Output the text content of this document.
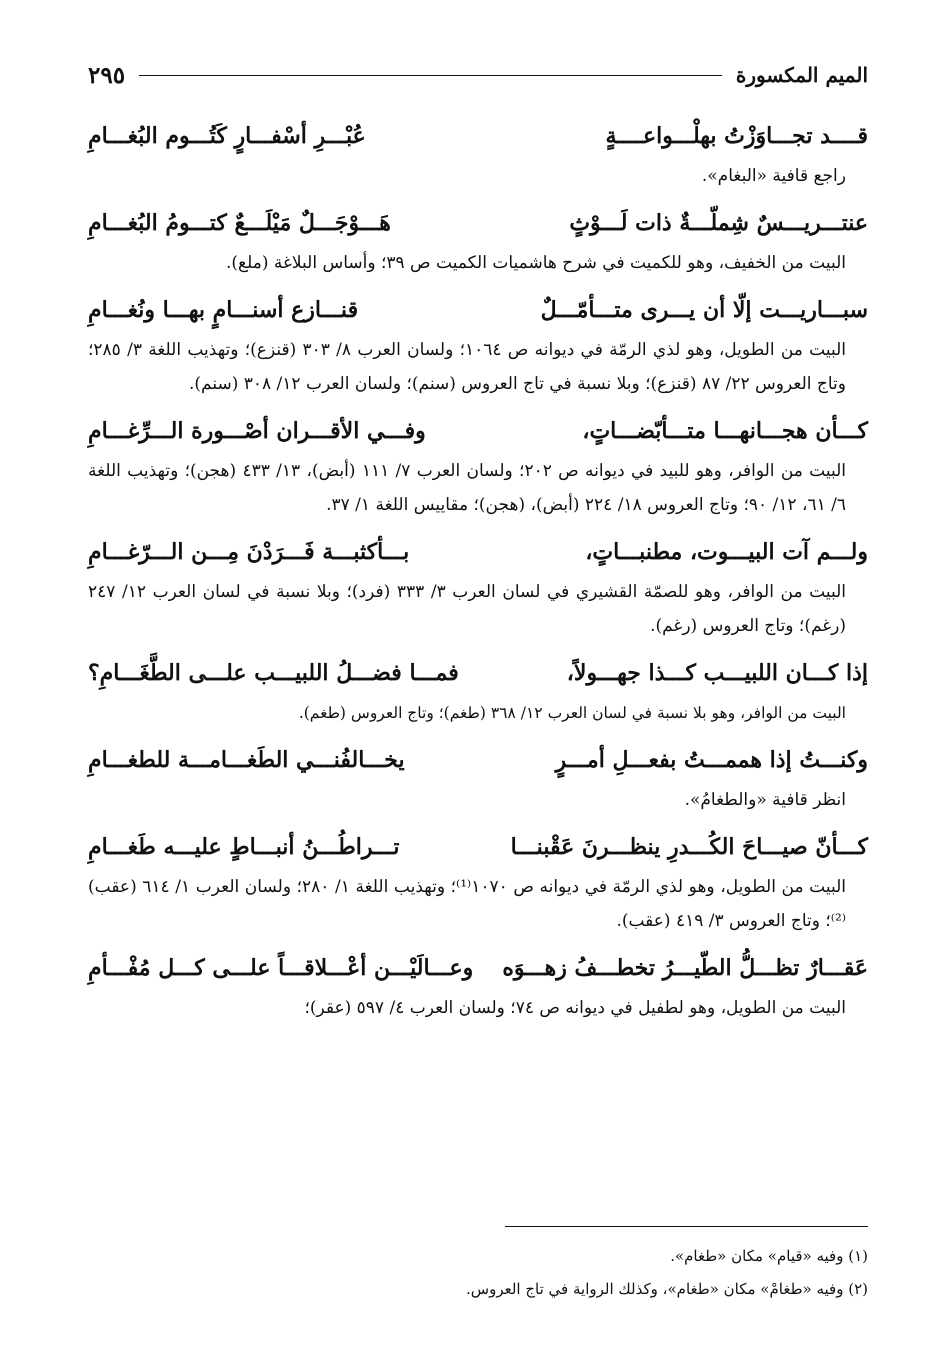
الميم المكسورة
٢٩٥
قــــد تجـــاوَزْتُ بهلْـــواعــــةٍ
عُبْـــرِ أسْفـــارٍ كَتُـــوم البُغـــامِ
راجع قافية «البغام».
عنتـــريـــسٌ شِملّـــةٌ ذات لَـــوْثٍ
هَـــوْجَـــلٌ مَيْلَـــعٌ كتـــومُ البُغـــامِ
البيت من الخفيف، وهو للكميت في شرح هاشميات الكميت ص ٣٩؛ وأساس البلاغة (ملع).
سبـــاريـــت إلّا أن يـــرى متـــأمّـــلٌ
قنـــازع أسنـــامٍ بهـــا ونُغـــامِ
البيت من الطويل، وهو لذي الرمّة في ديوانه ص ١٠٦٤؛ ولسان العرب ٨/ ٣٠٣ (قنزع)؛ وتهذيب اللغة ٣/ ٢٨٥؛ وتاج العروس ٢٢/ ٨٧ (قنزع)؛ وبلا نسبة في تاج العروس (سنم)؛ ولسان العرب ١٢/ ٣٠٨ (سنم).
كـــأن هجـــانهـــا متـــأبّضـــاتٍ،
وفـــي الأقـــران أصْـــورة الـــرِّغـــامِ
البيت من الوافر، وهو للبيد في ديوانه ص ٢٠٢؛ ولسان العرب ٧/ ١١١ (أبض)، ١٣/ ٤٣٣ (هجن)؛ وتهذيب اللغة ٦/ ٦١، ١٢/ ٩٠؛ وتاج العروس ١٨/ ٢٢٤ (أبض)، (هجن)؛ مقاييس اللغة ١/ ٣٧.
ولـــم آت البيـــوت، مطنبـــاتٍ،
بـــأكثبـــة فَـــرَدْنَ مِـــن الـــرّغـــامِ
البيت من الوافر، وهو للصمّة القشيري في لسان العرب ٣/ ٣٣٣ (فرد)؛ وبلا نسبة في لسان العرب ١٢/ ٢٤٧ (رغم)؛ وتاج العروس (رغم).
إذا كـــان اللبيـــب كـــذا جهـــولاً،
فمـــا فضـــلُ اللبيـــب علـــى الطَّغَـــامِ؟
البيت من الوافر، وهو بلا نسبة في لسان العرب ١٢/ ٣٦٨ (طغم)؛ وتاج العروس (طغم).
وكنـــتُ إذا هممـــتُ بفعـــلِ أمـــرٍ
يخـــالفُنـــي الطَغـــامـــة للطغـــامِ
انظر قافية «والطغامُ».
كـــأنّ صيـــاحَ الكُـــدرِ ينظـــرنَ عَقْبنـــا
تـــراطُـــنُ أنبـــاطٍ عليـــه طَغـــامِ
البيت من الطويل، وهو لذي الرمّة في ديوانه ص ١٠٧٠⁽¹⁾؛ وتهذيب اللغة ١/ ٢٨٠؛ ولسان العرب ١/ ٦١٤ (عقب)⁽²⁾؛ وتاج العروس ٣/ ٤١٩ (عقب).
عَقـــارٌ تظـــلُّ الطّيـــرُ تخطـــفُ زهـــوَه
وعـــالَيْـــن أعْـــلاقـــاً علـــى كـــل مُفْـــأمِ
البيت من الطويل، وهو لطفيل في ديوانه ص ٧٤؛ ولسان العرب ٤/ ٥٩٧ (عقر)؛
(١) وفيه «قيام» مكان «طغام».
(٢) وفيه «طغامْ» مكان «طغام»، وكذلك الرواية في تاج العروس.
